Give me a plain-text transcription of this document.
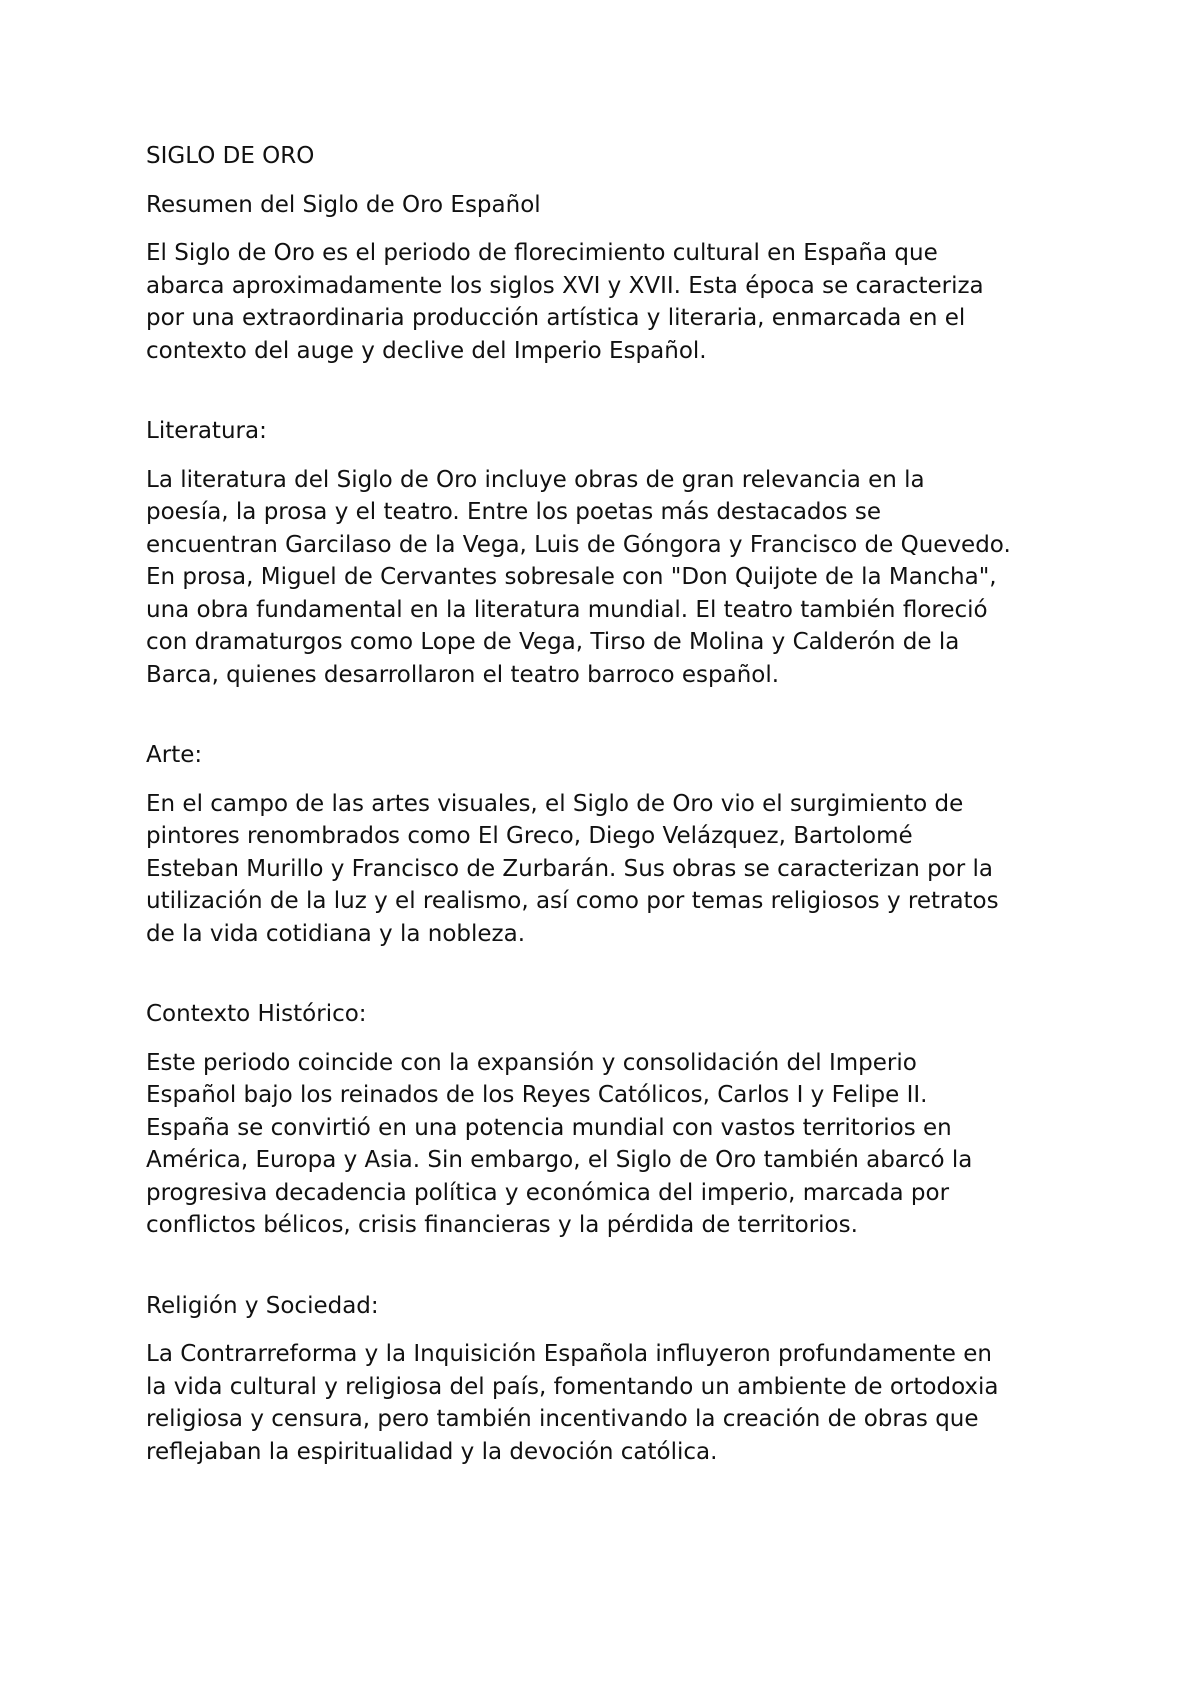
SIGLO DE ORO

Resumen del Siglo de Oro Español

El Siglo de Oro es el periodo de florecimiento cultural en España que

abarca aproximadamente los siglos XVI y XVII. Esta época se caracteriza

por una extraordinaria producción artística y literaria, enmarcada en el

contexto del auge y declive del Imperio Español.

Literatura:

La literatura del Siglo de Oro incluye obras de gran relevancia en la

poesía, la prosa y el teatro. Entre los poetas más destacados se

encuentran Garcilaso de la Vega, Luis de Góngora y Francisco de Quevedo.

En prosa, Miguel de Cervantes sobresale con "Don Quijote de la Mancha",

una obra fundamental en la literatura mundial. El teatro también floreció

con dramaturgos como Lope de Vega, Tirso de Molina y Calderón de la

Barca, quienes desarrollaron el teatro barroco español.

Arte:

En el campo de las artes visuales, el Siglo de Oro vio el surgimiento de

pintores renombrados como El Greco, Diego Velázquez, Bartolomé

Esteban Murillo y Francisco de Zurbarán. Sus obras se caracterizan por la

utilización de la luz y el realismo, así como por temas religiosos y retratos

de la vida cotidiana y la nobleza.

Contexto Histórico:

Este periodo coincide con la expansión y consolidación del Imperio

Español bajo los reinados de los Reyes Católicos, Carlos I y Felipe II.

España se convirtió en una potencia mundial con vastos territorios en

América, Europa y Asia. Sin embargo, el Siglo de Oro también abarcó la

progresiva decadencia política y económica del imperio, marcada por

conflictos bélicos, crisis financieras y la pérdida de territorios.

Religión y Sociedad:

La Contrarreforma y la Inquisición Española influyeron profundamente en

la vida cultural y religiosa del país, fomentando un ambiente de ortodoxia

religiosa y censura, pero también incentivando la creación de obras que

reflejaban la espiritualidad y la devoción católica.
